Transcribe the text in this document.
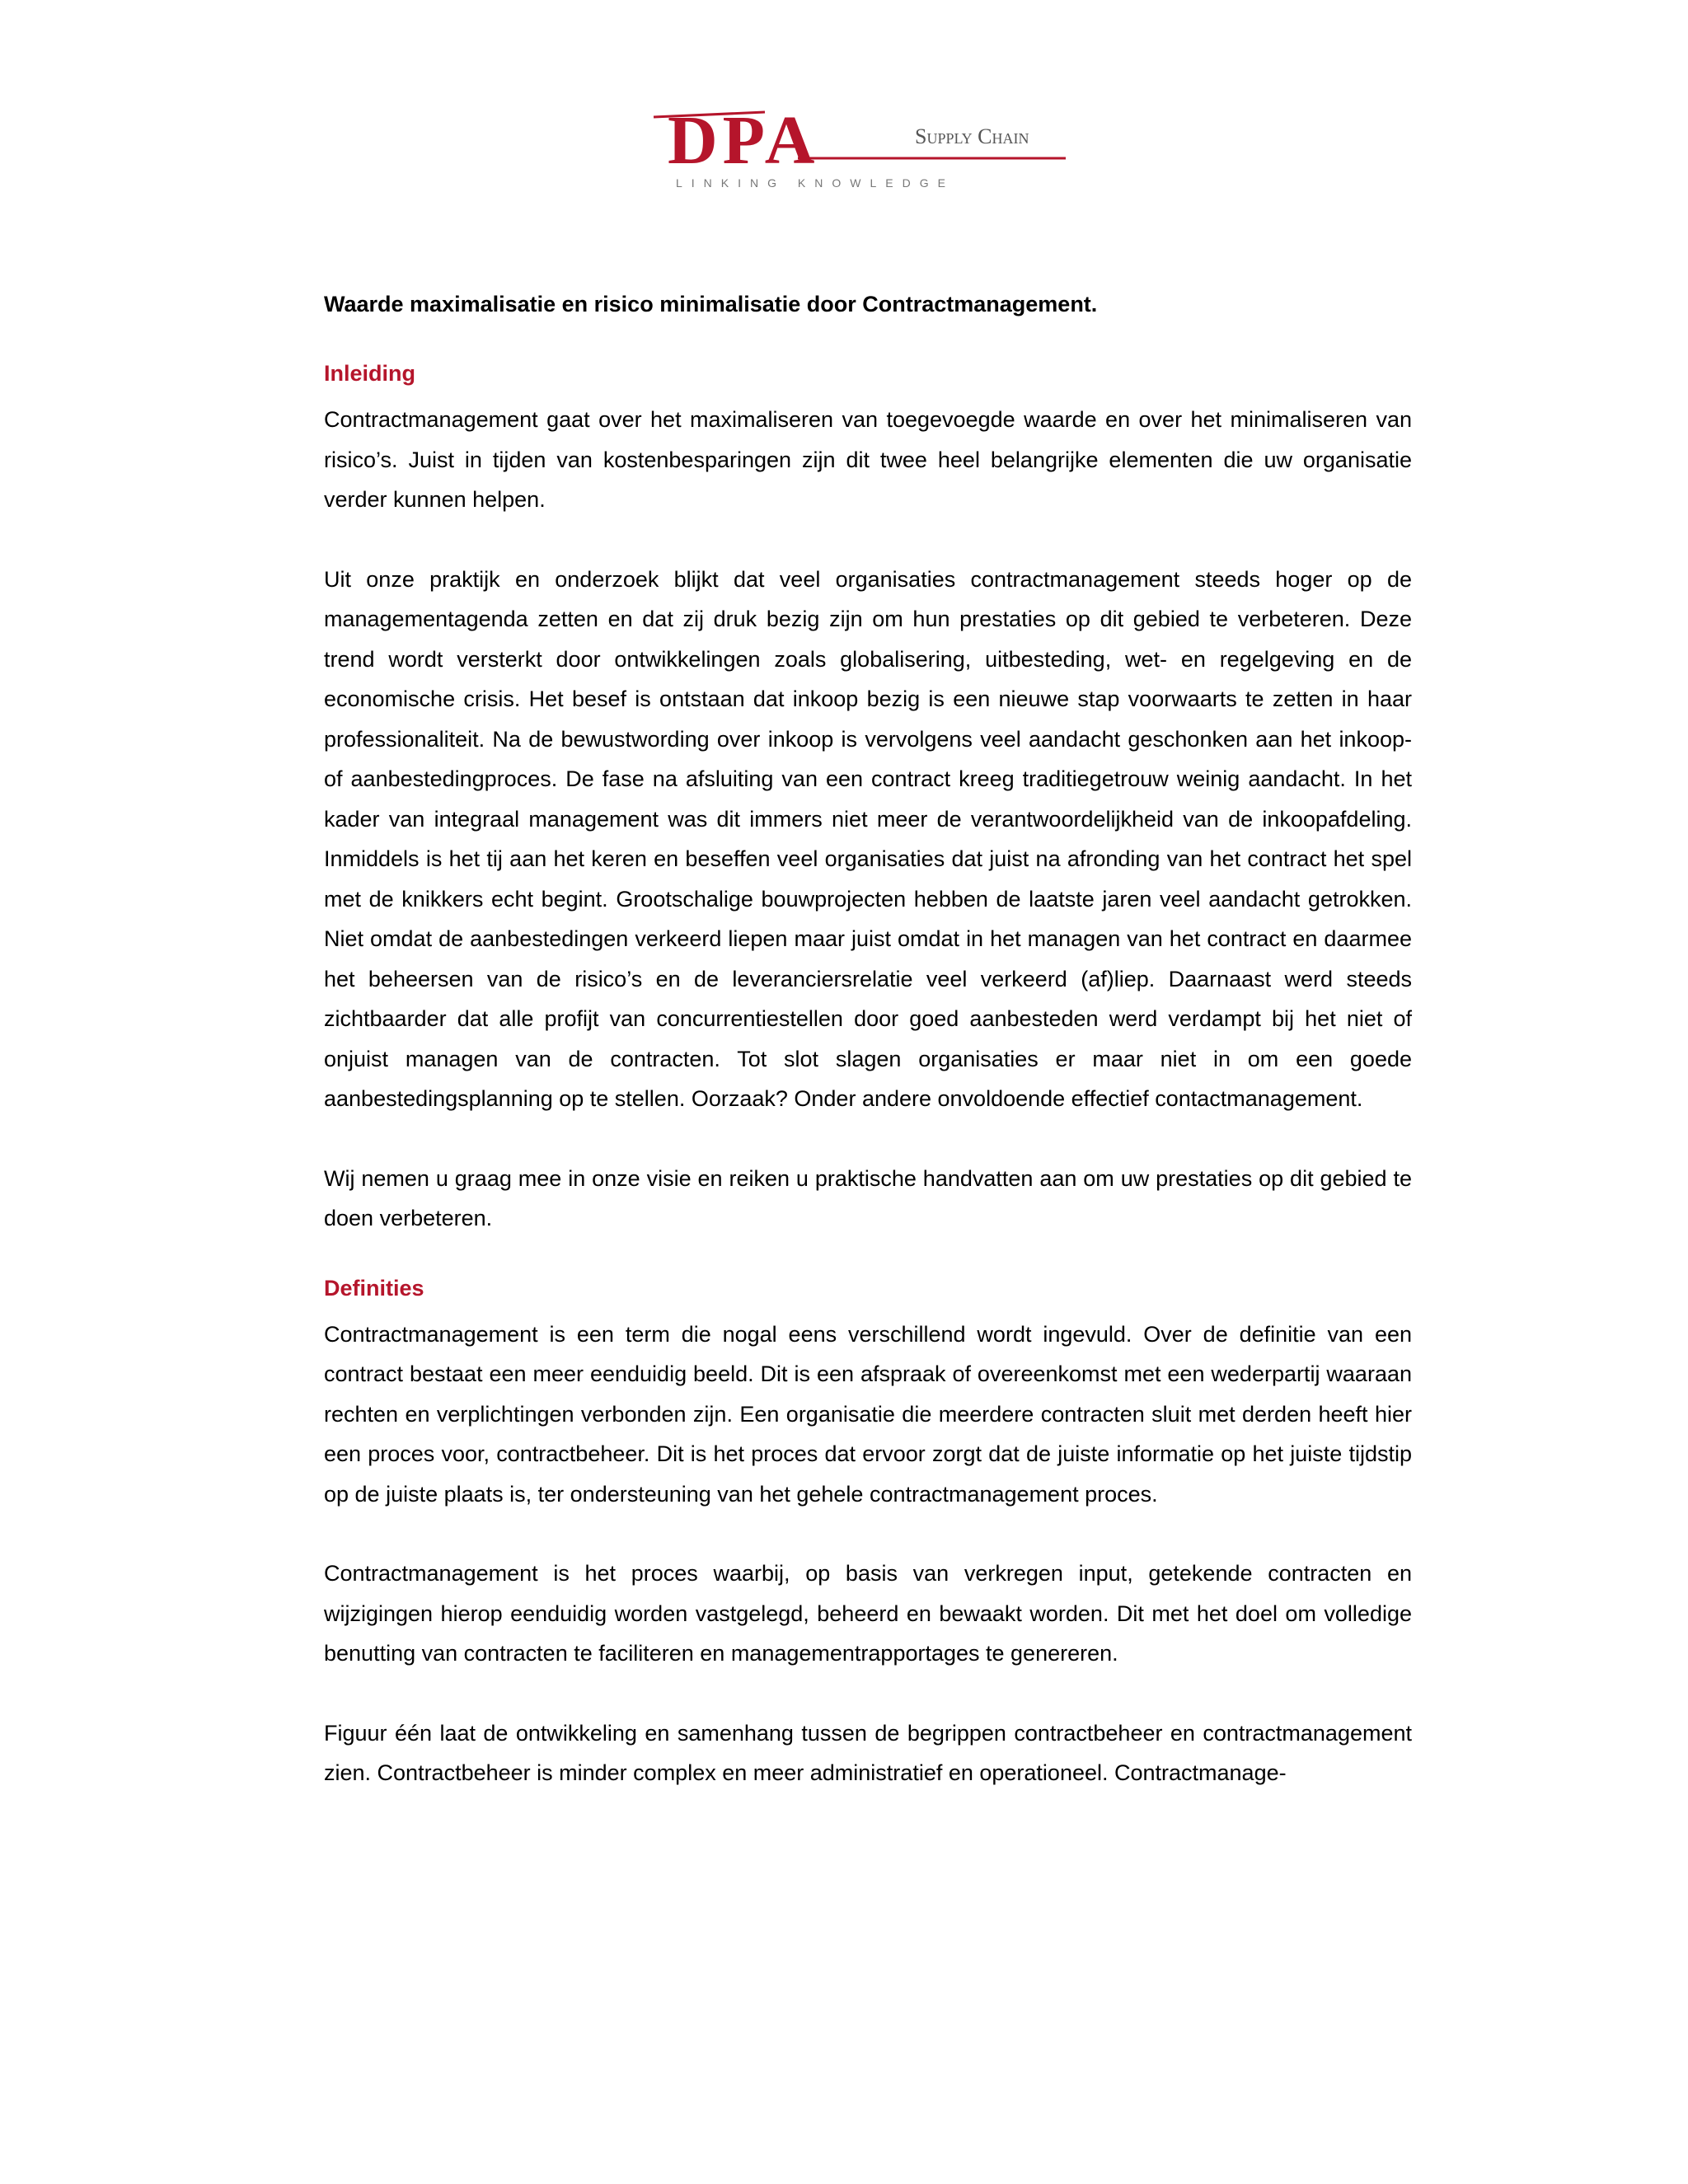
DPA	Supply Chain
LINKING KNOWLEDGE
Waarde maximalisatie en risico minimalisatie door Contractmanagement.
Inleiding

Contractmanagement gaat over het maximaliseren van toegevoegde waarde en over het minimaliseren van risico’s. Juist in tijden van kostenbesparingen zijn dit twee heel belangrijke elementen die uw organisatie verder kunnen helpen.

Uit onze praktijk en onderzoek blijkt dat veel organisaties contractmanagement steeds hoger op de managementagenda zetten en dat zij druk bezig zijn om hun prestaties op dit gebied te verbeteren. Deze trend wordt versterkt door ontwikkelingen zoals globalisering, uitbesteding, wet- en regelgeving en de economische crisis. Het besef is ontstaan dat inkoop bezig is een nieuwe stap voorwaarts te zetten in haar professionaliteit. Na de bewustwording over inkoop is vervolgens veel aandacht geschonken aan het inkoop- of aanbestedingproces. De fase na afsluiting van een contract kreeg traditiegetrouw weinig aandacht. In het kader van integraal management was dit immers niet meer de verantwoordelijkheid van de inkoopafdeling. Inmiddels is het tij aan het keren en beseffen veel organisaties dat juist na afronding van het contract het spel met de knikkers echt begint. Grootschalige bouwprojecten hebben de laatste jaren veel aandacht getrokken. Niet omdat de aanbestedingen verkeerd liepen maar juist omdat in het managen van het contract en daarmee het beheersen van de risico’s en de leveranciersrelatie veel verkeerd (af)liep. Daarnaast werd steeds zichtbaarder dat alle profijt van concurrentiestellen door goed aanbesteden werd verdampt bij het niet of onjuist managen van de contracten. Tot slot slagen organisaties er maar niet in om een goede aanbestedingsplanning op te stellen. Oorzaak? Onder andere onvoldoende effectief contactmanagement.

Wij nemen u graag mee in onze visie en reiken u praktische handvatten aan om uw prestaties op dit gebied te doen verbeteren.

Definities

Contractmanagement is een term die nogal eens verschillend wordt ingevuld. Over de definitie van een contract bestaat een meer eenduidig beeld. Dit is een afspraak of overeenkomst met een wederpartij waaraan rechten en verplichtingen verbonden zijn. Een organisatie die meerdere contracten sluit met derden heeft hier een proces voor, contractbeheer. Dit is het proces dat ervoor zorgt dat de juiste informatie op het juiste tijdstip op de juiste plaats is, ter ondersteuning van het gehele contractmanagement proces.

Contractmanagement is het proces waarbij, op basis van verkregen input, getekende contracten en wijzigingen hierop eenduidig worden vastgelegd, beheerd en bewaakt worden. Dit met het doel om volledige benutting van contracten te faciliteren en managementrapportages te genereren.

Figuur één laat de ontwikkeling en samenhang tussen de begrippen contractbeheer en contractmanagement zien. Contractbeheer is minder complex en meer administratief en operationeel. Contractmanage-
